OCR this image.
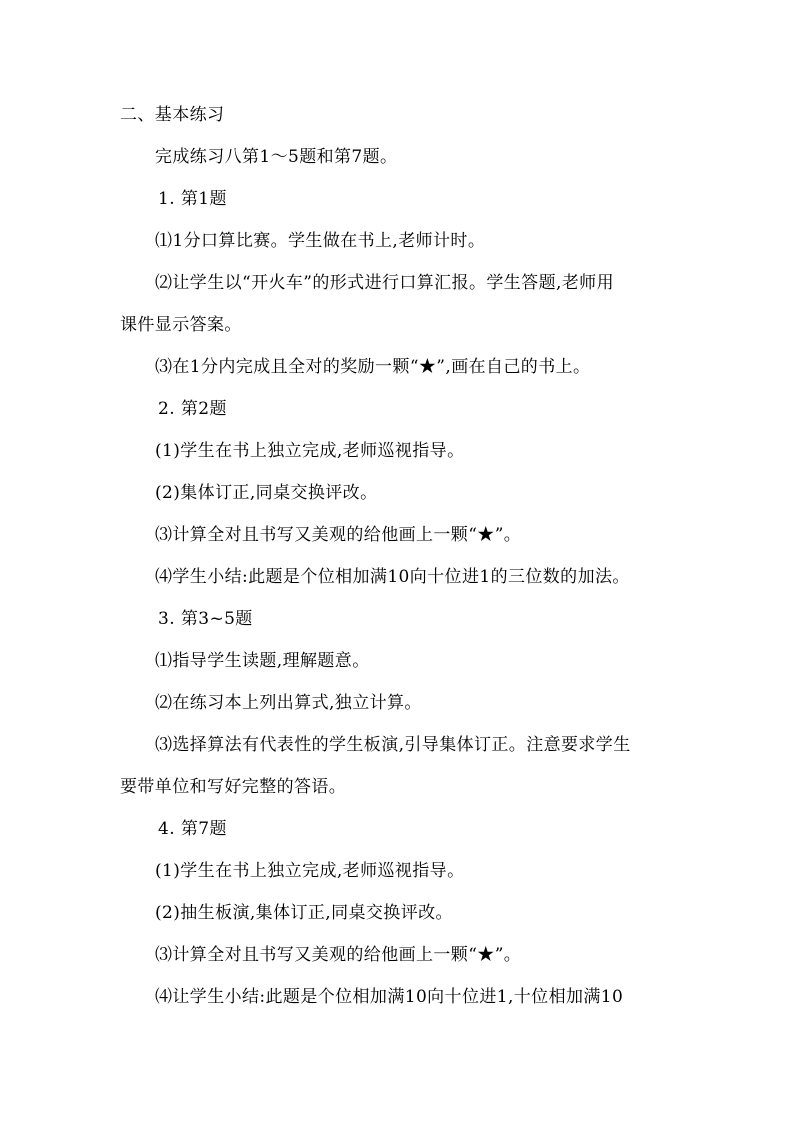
二、基本练习
完成练习八第1～5题和第7题。
1. 第1题
⑴1分口算比赛。学生做在书上,老师计时。
⑵让学生以“开火车”的形式进行口算汇报。学生答题,老师用
课件显示答案。
⑶在1分内完成且全对的奖励一颗“★”,画在自己的书上。
2. 第2题
(1)学生在书上独立完成,老师巡视指导。
(2)集体订正,同桌交换评改。
⑶计算全对且书写又美观的给他画上一颗“★”。
⑷学生小结:此题是个位相加满10向十位进1的三位数的加法。
3. 第3~5题
⑴指导学生读题,理解题意。
⑵在练习本上列出算式,独立计算。
⑶选择算法有代表性的学生板演,引导集体订正。注意要求学生
要带单位和写好完整的答语。
4. 第7题
(1)学生在书上独立完成,老师巡视指导。
(2)抽生板演,集体订正,同桌交换评改。
⑶计算全对且书写又美观的给他画上一颗“★”。
⑷让学生小结:此题是个位相加满10向十位进1,十位相加满10
